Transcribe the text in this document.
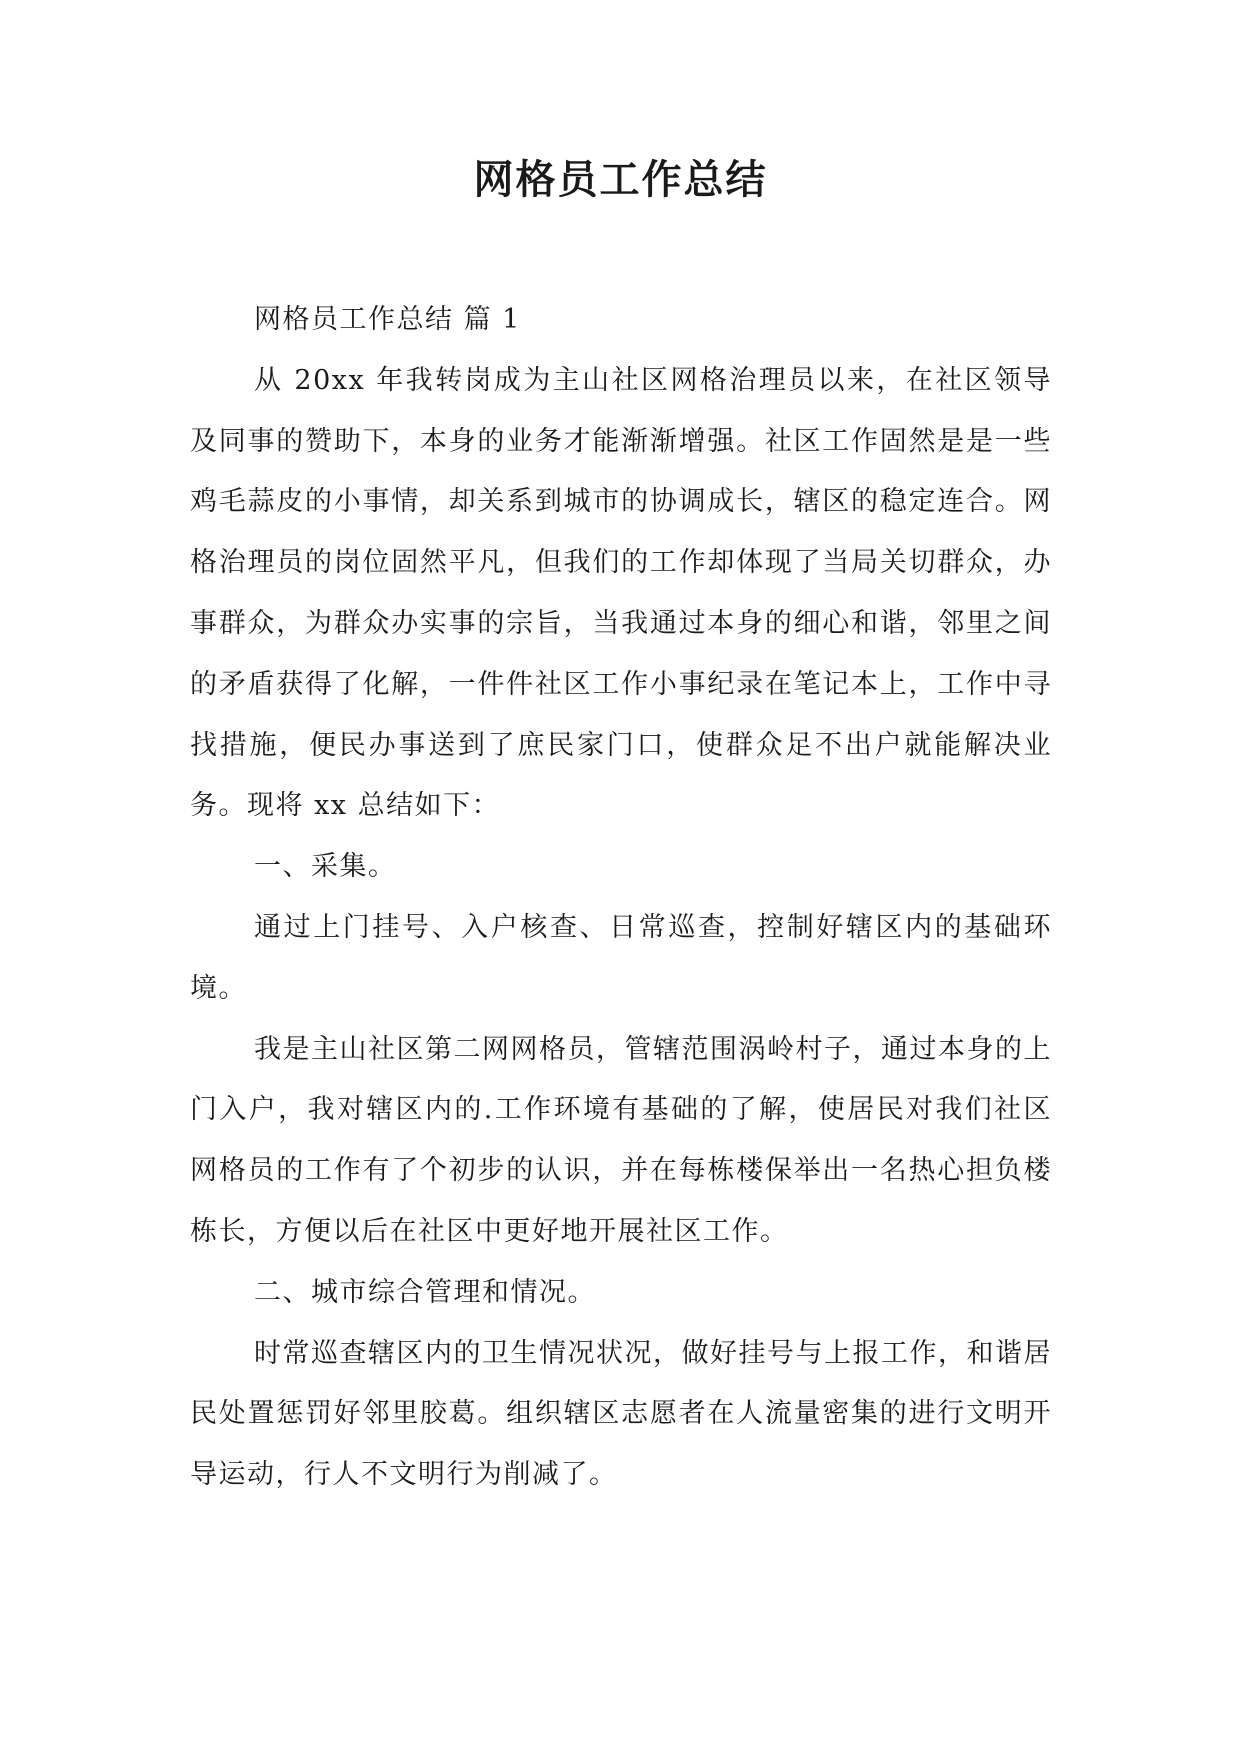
网格员工作总结

网格员工作总结 篇 1

从 20xx 年我转岗成为主山社区网格治理员以来，在社区领导及同事的赞助下，本身的业务才能渐渐增强。社区工作固然是是一些鸡毛蒜皮的小事情，却关系到城市的协调成长，辖区的稳定连合。网格治理员的岗位固然平凡，但我们的工作却体现了当局关切群众，办事群众，为群众办实事的宗旨，当我通过本身的细心和谐，邻里之间的矛盾获得了化解，一件件社区工作小事纪录在笔记本上，工作中寻找措施，便民办事送到了庶民家门口，使群众足不出户就能解决业务。现将 xx 总结如下：

一、采集。

通过上门挂号、入户核查、日常巡查，控制好辖区内的基础环境。

我是主山社区第二网网格员，管辖范围涡岭村子，通过本身的上门入户，我对辖区内的.工作环境有基础的了解，使居民对我们社区网格员的工作有了个初步的认识，并在每栋楼保举出一名热心担负楼栋长，方便以后在社区中更好地开展社区工作。

二、城市综合管理和情况。

时常巡查辖区内的卫生情况状况，做好挂号与上报工作，和谐居民处置惩罚好邻里胶葛。组织辖区志愿者在人流量密集的进行文明开导运动，行人不文明行为削减了。
